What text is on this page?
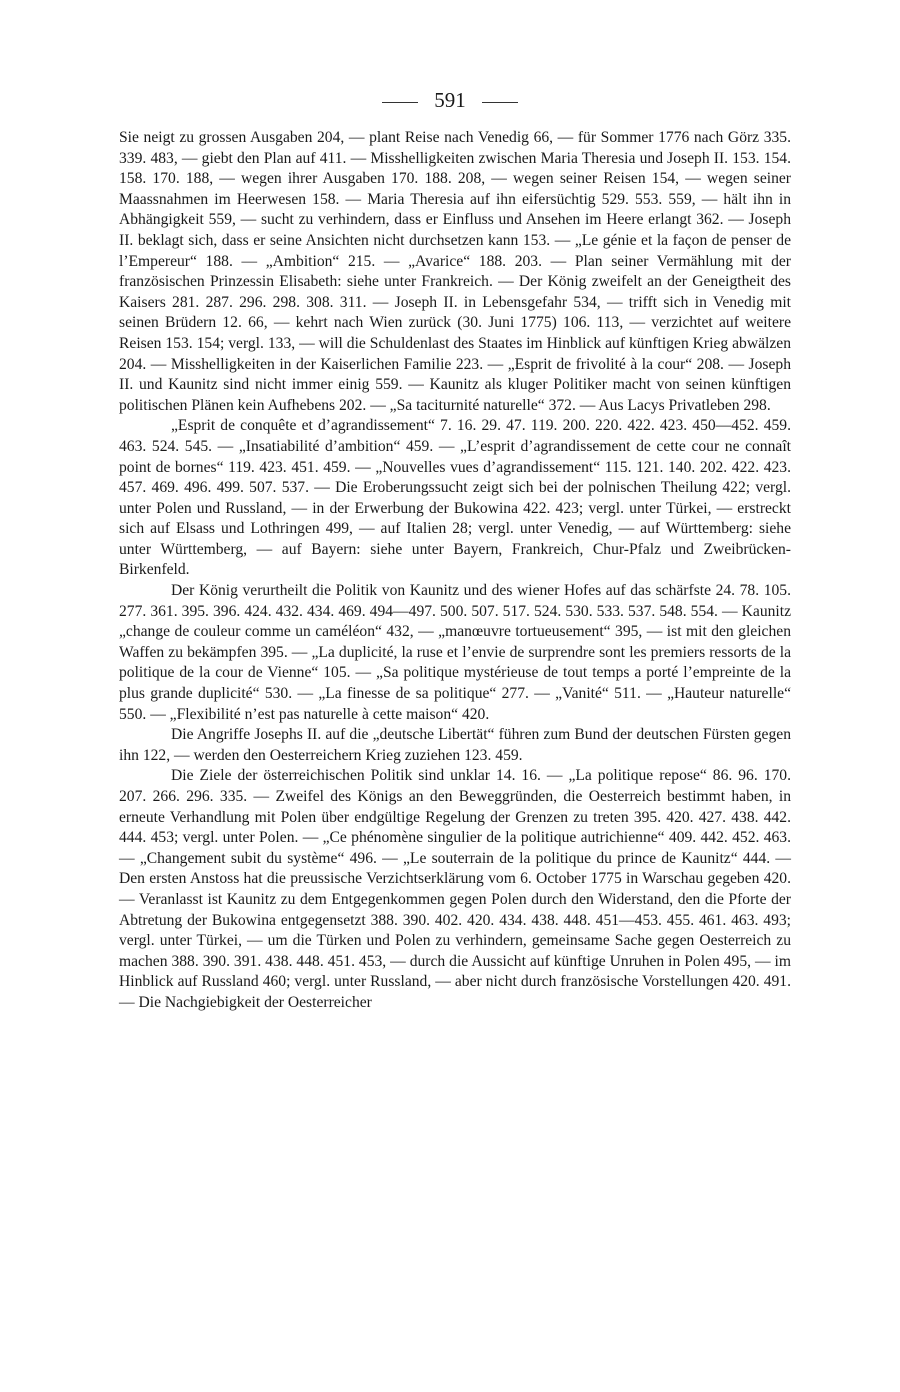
591

Sie neigt zu grossen Ausgaben 204, — plant Reise nach Venedig 66, — für Sommer 1776 nach Görz 335. 339. 483, — giebt den Plan auf 411. — Misshelligkeiten zwischen Maria Theresia und Joseph II. 153. 154. 158. 170. 188, — wegen ihrer Ausgaben 170. 188. 208, — wegen seiner Reisen 154, — wegen seiner Maassnahmen im Heerwesen 158. — Maria Theresia auf ihn eifersüchtig 529. 553. 559, — hält ihn in Abhängigkeit 559, — sucht zu verhindern, dass er Einfluss und Ansehen im Heere erlangt 362. — Joseph II. beklagt sich, dass er seine Ansichten nicht durchsetzen kann 153. — „Le génie et la façon de penser de l’Empereur“ 188. — „Ambition“ 215. — „Avarice“ 188. 203. — Plan seiner Vermählung mit der französischen Prinzessin Elisabeth: siehe unter Frankreich. — Der König zweifelt an der Geneigtheit des Kaisers 281. 287. 296. 298. 308. 311. — Joseph II. in Lebensgefahr 534, — trifft sich in Venedig mit seinen Brüdern 12. 66, — kehrt nach Wien zurück (30. Juni 1775) 106. 113, — verzichtet auf weitere Reisen 153. 154; vergl. 133, — will die Schuldenlast des Staates im Hinblick auf künftigen Krieg abwälzen 204. — Misshelligkeiten in der Kaiserlichen Familie 223. — „Esprit de frivolité à la cour“ 208. — Joseph II. und Kaunitz sind nicht immer einig 559. — Kaunitz als kluger Politiker macht von seinen künftigen politischen Plänen kein Aufhebens 202. — „Sa taciturnité naturelle“ 372. — Aus Lacys Privatleben 298.

„Esprit de conquête et d’agrandissement“ 7. 16. 29. 47. 119. 200. 220. 422. 423. 450—452. 459. 463. 524. 545. — „Insatiabilité d’ambition“ 459. — „L’esprit d’agrandissement de cette cour ne connaît point de bornes“ 119. 423. 451. 459. — „Nouvelles vues d’agrandissement“ 115. 121. 140. 202. 422. 423. 457. 469. 496. 499. 507. 537. — Die Eroberungssucht zeigt sich bei der polnischen Theilung 422; vergl. unter Polen und Russland, — in der Erwerbung der Bukowina 422. 423; vergl. unter Türkei, — erstreckt sich auf Elsass und Lothringen 499, — auf Italien 28; vergl. unter Venedig, — auf Württemberg: siehe unter Württemberg, — auf Bayern: siehe unter Bayern, Frankreich, Chur-Pfalz und Zweibrücken-Birkenfeld.

Der König verurtheilt die Politik von Kaunitz und des wiener Hofes auf das schärfste 24. 78. 105. 277. 361. 395. 396. 424. 432. 434. 469. 494—497. 500. 507. 517. 524. 530. 533. 537. 548. 554. — Kaunitz „change de couleur comme un caméléon“ 432, — „manœuvre tortueusement“ 395, — ist mit den gleichen Waffen zu bekämpfen 395. — „La duplicité, la ruse et l’envie de surprendre sont les premiers ressorts de la politique de la cour de Vienne“ 105. — „Sa politique mystérieuse de tout temps a porté l’empreinte de la plus grande duplicité“ 530. — „La finesse de sa politique“ 277. — „Vanité“ 511. — „Hauteur naturelle“ 550. — „Flexibilité n’est pas naturelle à cette maison“ 420.

Die Angriffe Josephs II. auf die „deutsche Libertät“ führen zum Bund der deutschen Fürsten gegen ihn 122, — werden den Oesterreichern Krieg zuziehen 123. 459.

Die Ziele der österreichischen Politik sind unklar 14. 16. — „La politique repose“ 86. 96. 170. 207. 266. 296. 335. — Zweifel des Königs an den Beweggründen, die Oesterreich bestimmt haben, in erneute Verhandlung mit Polen über endgültige Regelung der Grenzen zu treten 395. 420. 427. 438. 442. 444. 453; vergl. unter Polen. — „Ce phénomène singulier de la politique autrichienne“ 409. 442. 452. 463. — „Changement subit du système“ 496. — „Le souterrain de la politique du prince de Kaunitz“ 444. — Den ersten Anstoss hat die preussische Verzichtserklärung vom 6. October 1775 in Warschau gegeben 420. — Veranlasst ist Kaunitz zu dem Entgegenkommen gegen Polen durch den Widerstand, den die Pforte der Abtretung der Bukowina entgegensetzt 388. 390. 402. 420. 434. 438. 448. 451—453. 455. 461. 463. 493; vergl. unter Türkei, — um die Türken und Polen zu verhindern, gemeinsame Sache gegen Oesterreich zu machen 388. 390. 391. 438. 448. 451. 453, — durch die Aussicht auf künftige Unruhen in Polen 495, — im Hinblick auf Russland 460; vergl. unter Russland, — aber nicht durch französische Vorstellungen 420. 491. — Die Nachgiebigkeit der Oesterreicher
